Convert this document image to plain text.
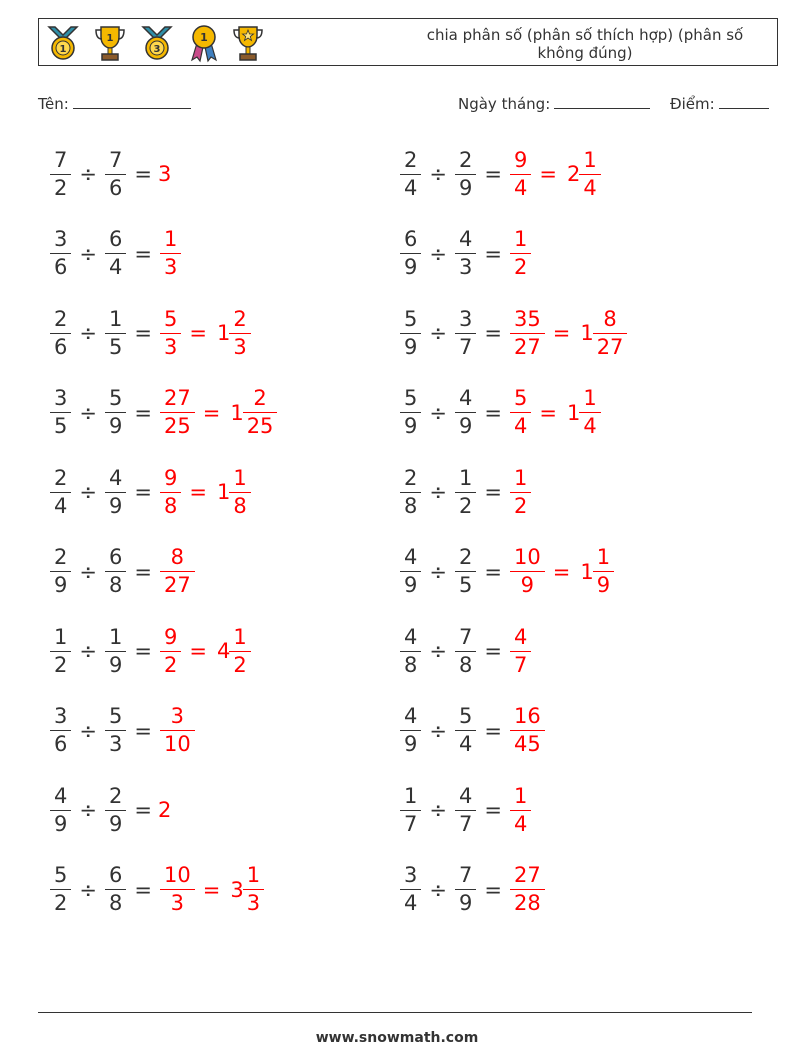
1
1
3
1	chia phân số (phân số thích hợp) (phân số không đúng)
Tên:	Ngày tháng:	Điểm:
$\frac{7}{2} \div \frac{7}{6} = 3$	$\frac{2}{4} \div \frac{2}{9} = \frac{9}{4} = 2 \frac{1}{4}$
$\frac{3}{6} \div \frac{6}{4} = \frac{1}{3}$	$\frac{6}{9} \div \frac{4}{3} = \frac{1}{2}$
$\frac{2}{6} \div \frac{1}{5} = \frac{5}{3} = 1 \frac{2}{3}$	$\frac{5}{9} \div \frac{3}{7} = \frac{35}{27} = 1 \frac{8}{27}$
$\frac{3}{5} \div \frac{5}{9} = \frac{27}{25} = 1 \frac{2}{25}$	$\frac{5}{9} \div \frac{4}{9} = \frac{5}{4} = 1 \frac{1}{4}$
$\frac{2}{4} \div \frac{4}{9} = \frac{9}{8} = 1 \frac{1}{8}$	$\frac{2}{8} \div \frac{1}{2} = \frac{1}{2}$
$\frac{2}{9} \div \frac{6}{8} = \frac{8}{27}$	$\frac{4}{9} \div \frac{2}{5} = \frac{10}{9} = 1 \frac{1}{9}$
$\frac{1}{2} \div \frac{1}{9} = \frac{9}{2} = 4 \frac{1}{2}$	$\frac{4}{8} \div \frac{7}{8} = \frac{4}{7}$
$\frac{3}{6} \div \frac{5}{3} = \frac{3}{10}$	$\frac{4}{9} \div \frac{5}{4} = \frac{16}{45}$
$\frac{4}{9} \div \frac{2}{9} = 2$	$\frac{1}{7} \div \frac{4}{7} = \frac{1}{4}$
$\frac{5}{2} \div \frac{6}{8} = \frac{10}{3} = 3 \frac{1}{3}$	$\frac{3}{4} \div \frac{7}{9} = \frac{27}{28}$
www.snowmath.com
